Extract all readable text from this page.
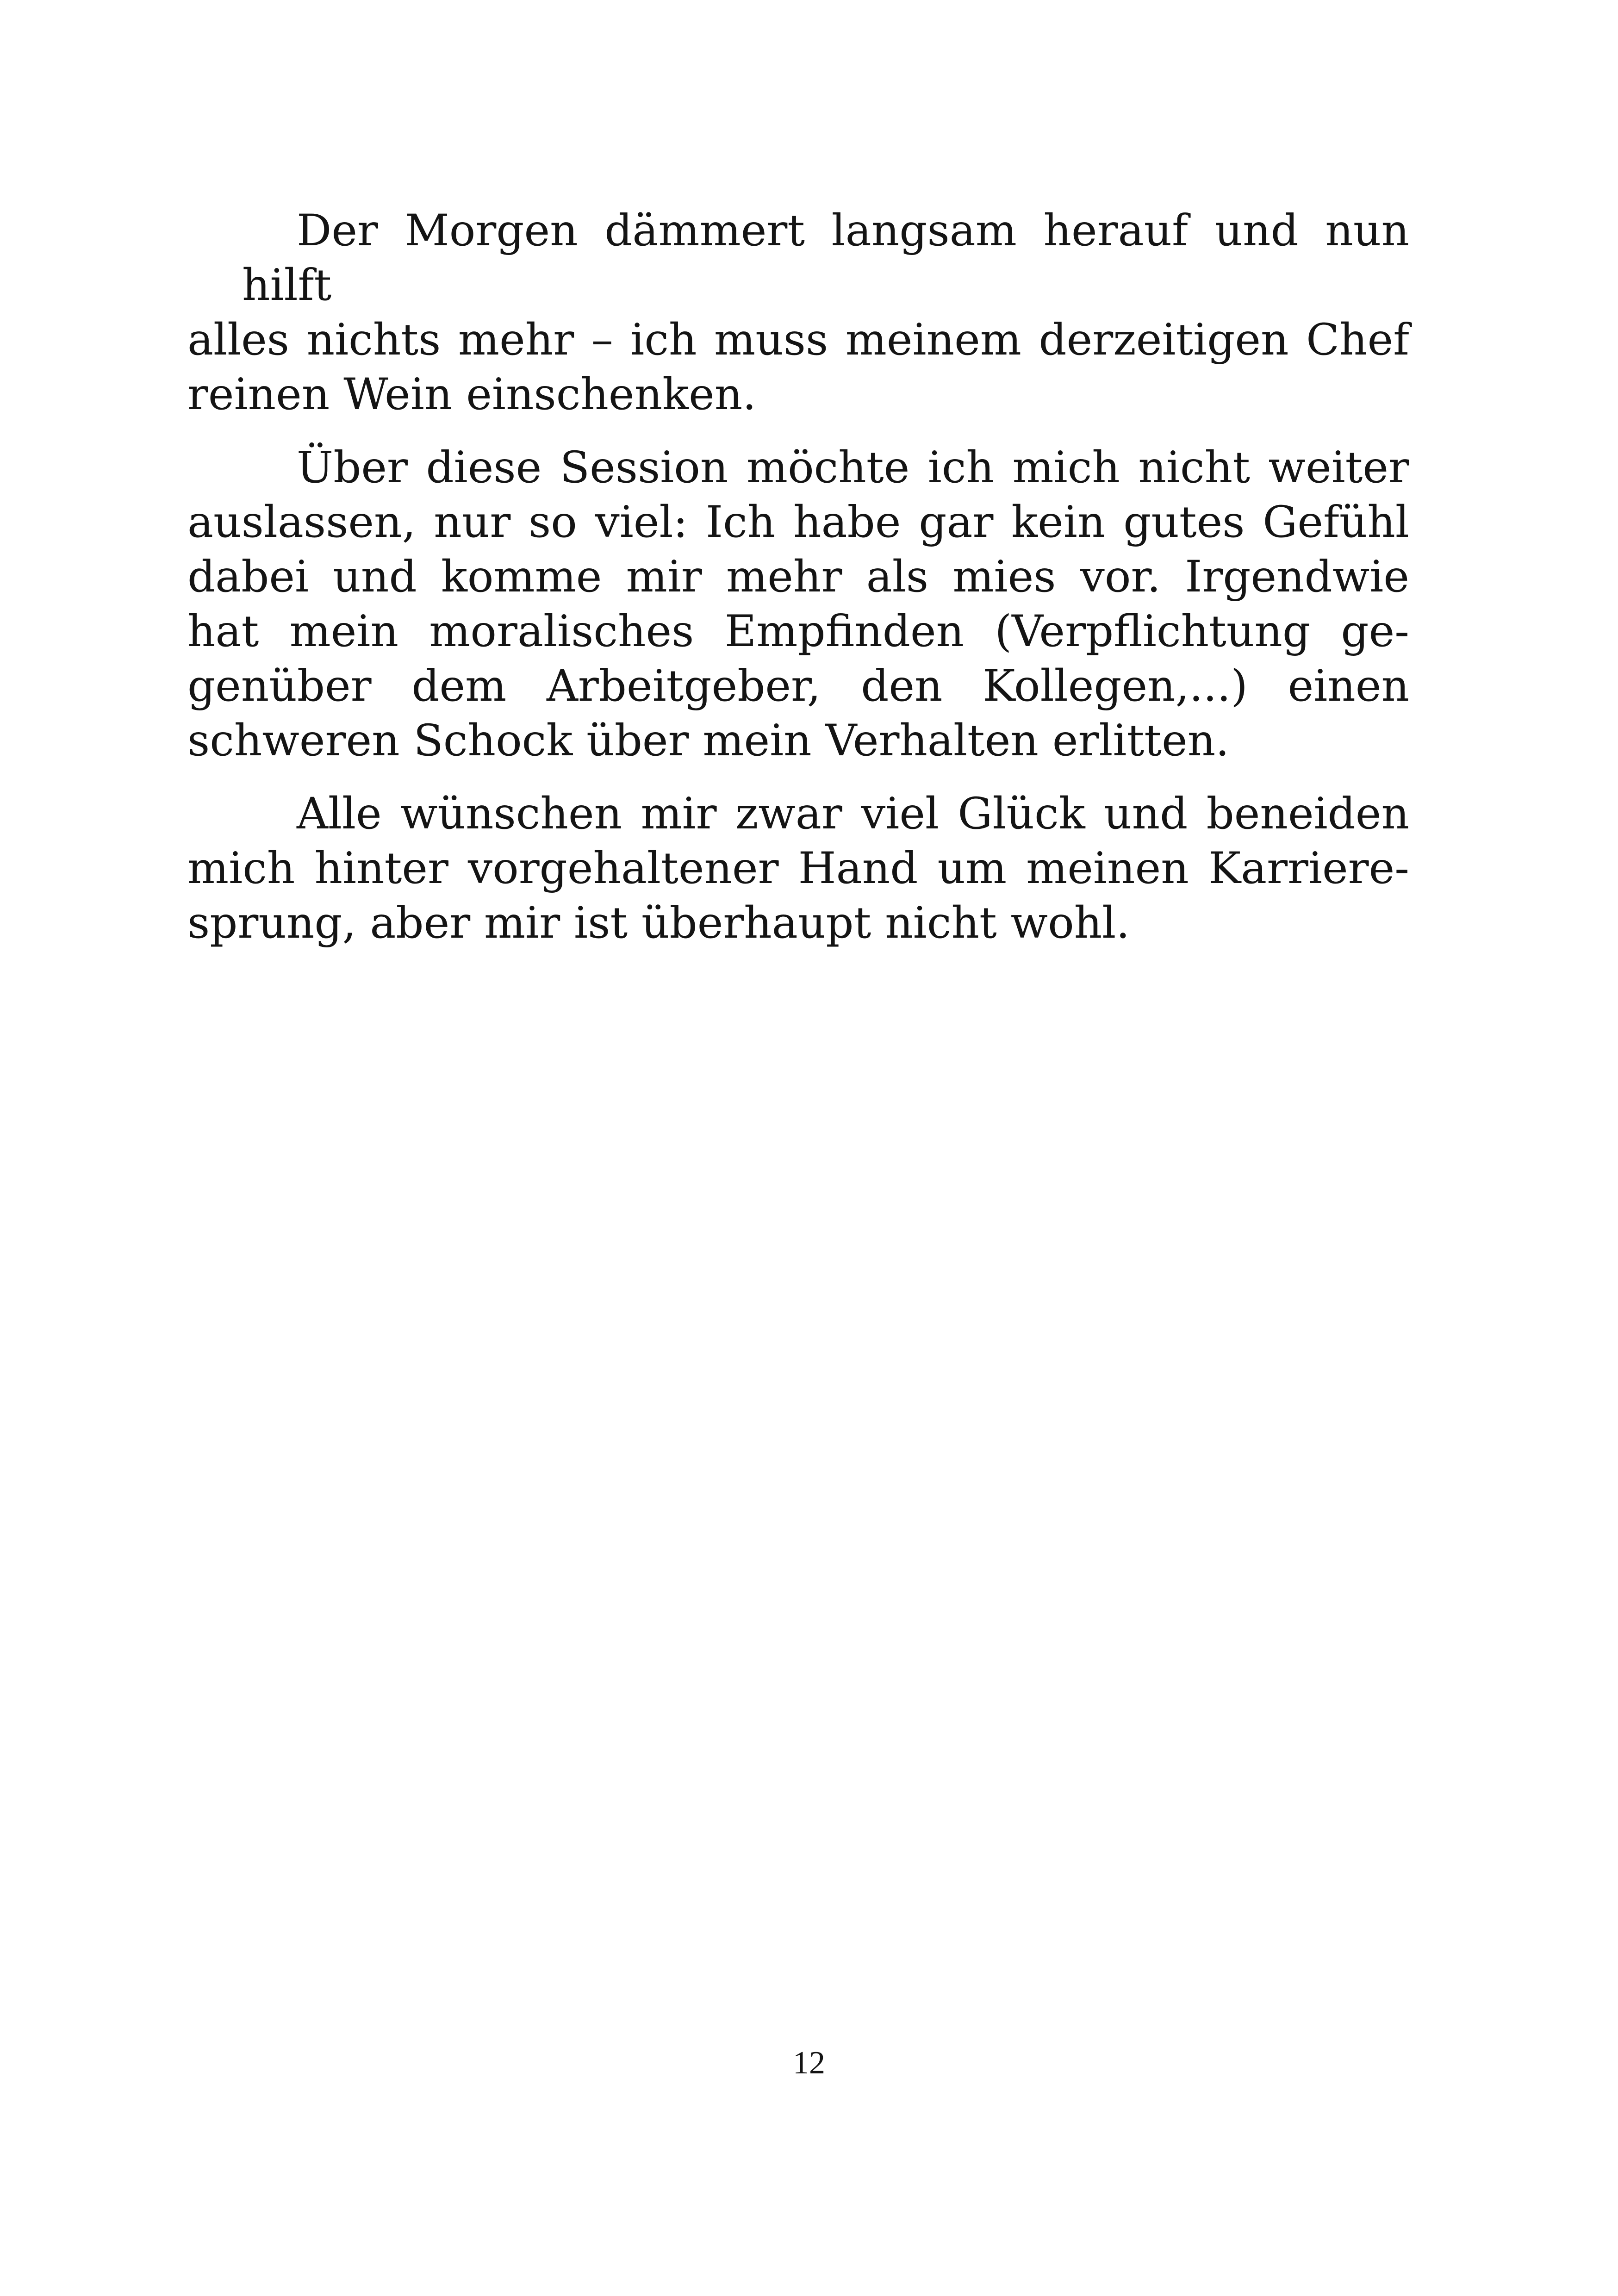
Der Morgen dämmert langsam herauf und nun hilft
alles nichts mehr – ich muss meinem derzeitigen Chef
reinen Wein einschenken.

Über diese Session möchte ich mich nicht weiter
auslassen, nur so viel: Ich habe gar kein gutes Gefühl
dabei und komme mir mehr als mies vor. Irgendwie
hat mein moralisches Empfinden (Verpflichtung ge-
genüber dem Arbeitgeber, den Kollegen,...) einen
schweren Schock über mein Verhalten erlitten.

Alle wünschen mir zwar viel Glück und beneiden
mich hinter vorgehaltener Hand um meinen Karriere-
sprung, aber mir ist überhaupt nicht wohl.

12
